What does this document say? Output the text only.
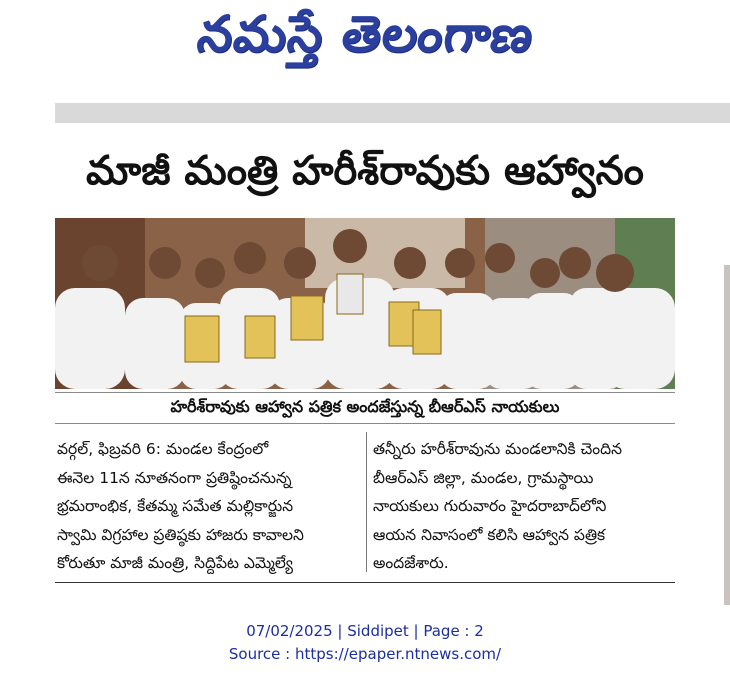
నమస్తే తెలంగాణ
మాజీ మంత్రి హరీశ్‌రావుకు ఆహ్వానం
హరీశ్‌రావుకు ఆహ్వాన పత్రిక అందజేస్తున్న బీఆర్‌ఎస్‌ నాయకులు
వర్గల్‌, ఫిబ్రవరి 6: మండల కేంద్రంలో
ఈనెల 11న నూతనంగా ప్రతిష్ఠించనున్న
భ్రమరాంభిక, కేతమ్మ సమేత మల్లికార్జున
స్వామి విగ్రహాల ప్రతిష్ఠకు హాజరు కావాలని
కోరుతూ మాజీ మంత్రి, సిద్దిపేట ఎమ్మెల్యే
తన్నీరు హరీశ్‌రావును మండలానికి చెందిన
బీఆర్‌ఎస్‌ జిల్లా, మండల, గ్రామస్థాయి
నాయకులు గురువారం హైదరాబాద్‌లోని
ఆయన నివాసంలో కలిసి ఆహ్వాన పత్రిక
అందజేశారు.
07/02/2025 | Siddipet | Page : 2
Source : https://epaper.ntnews.com/
